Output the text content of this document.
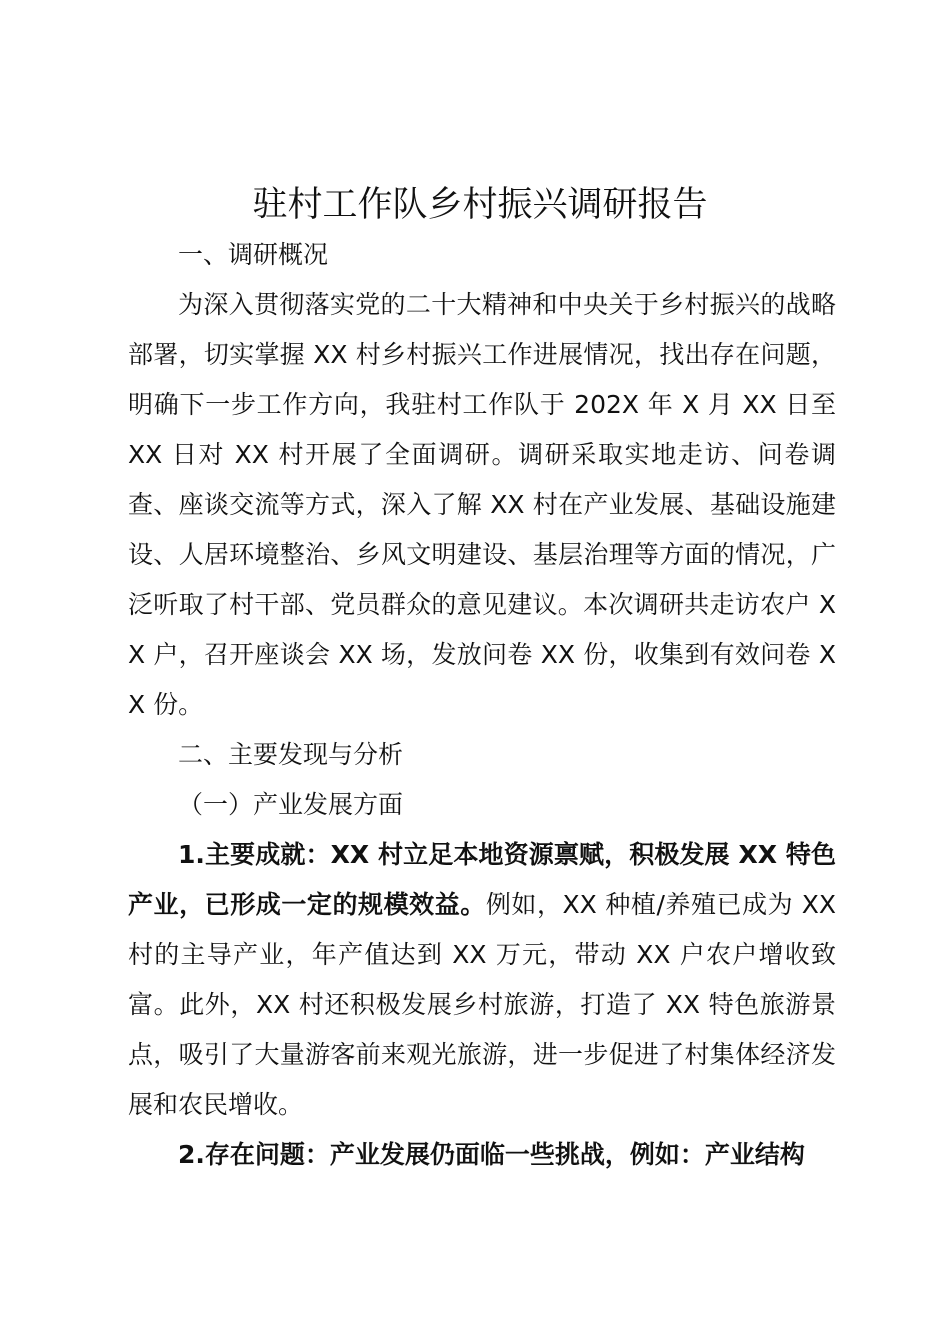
驻村工作队乡村振兴调研报告

一、调研概况

为深入贯彻落实党的二十大精神和中央关于乡村振兴的战略部署，切实掌握 XX 村乡村振兴工作进展情况，找出存在问题，明确下一步工作方向，我驻村工作队于 202X 年 X 月 XX 日至 XX 日对 XX 村开展了全面调研。调研采取实地走访、问卷调查、座谈交流等方式，深入了解 XX 村在产业发展、基础设施建设、人居环境整治、乡风文明建设、基层治理等方面的情况，广泛听取了村干部、党员群众的意见建议。本次调研共走访农户 XX 户，召开座谈会 XX 场，发放问卷 XX 份，收集到有效问卷 XX 份。

二、主要发现与分析

（一）产业发展方面

1.主要成就：XX 村立足本地资源禀赋，积极发展 XX 特色产业，已形成一定的规模效益。例如，XX 种植/养殖已成为 XX 村的主导产业，年产值达到 XX 万元，带动 XX 户农户增收致富。此外，XX 村还积极发展乡村旅游，打造了 XX 特色旅游景点，吸引了大量游客前来观光旅游，进一步促进了村集体经济发展和农民增收。

2.存在问题：产业发展仍面临一些挑战，例如：产业结构
